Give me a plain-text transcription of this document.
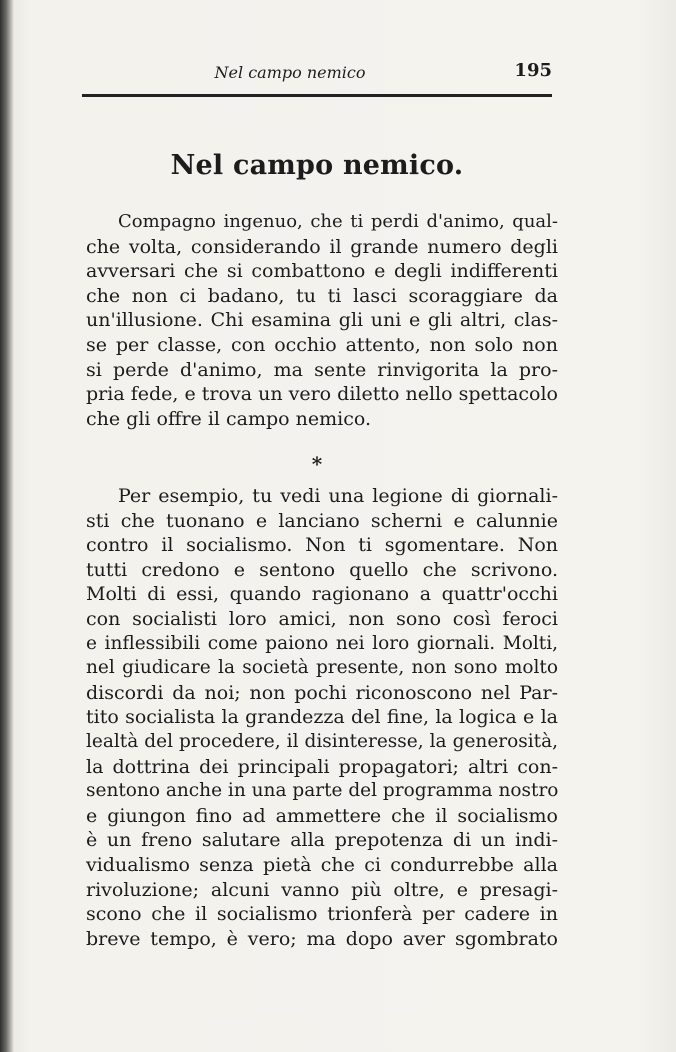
Nel campo nemico	195
Nel campo nemico.

Compagno ingenuo, che ti perdi d'animo, qual-
che volta, considerando il grande numero degli
avversari che si combattono e degli indifferenti
che non ci badano, tu ti lasci scoraggiare da
un'illusione. Chi esamina gli uni e gli altri, clas-
se per classe, con occhio attento, non solo non
si perde d'animo, ma sente rinvigorita la pro-
pria fede, e trova un vero diletto nello spettacolo
che gli offre il campo nemico.

*

Per esempio, tu vedi una legione di giornali-
sti che tuonano e lanciano scherni e calunnie
contro il socialismo. Non ti sgomentare. Non
tutti credono e sentono quello che scrivono.
Molti di essi, quando ragionano a quattr'occhi
con socialisti loro amici, non sono così feroci
e inflessibili come paiono nei loro giornali. Molti,
nel giudicare la società presente, non sono molto
discordi da noi; non pochi riconoscono nel Par-
tito socialista la grandezza del fine, la logica e la
lealtà del procedere, il disinteresse, la generosità,
la dottrina dei principali propagatori; altri con-
sentono anche in una parte del programma nostro
e giungon fino ad ammettere che il socialismo
è un freno salutare alla prepotenza di un indi-
vidualismo senza pietà che ci condurrebbe alla
rivoluzione; alcuni vanno più oltre, e presagi-
scono che il socialismo trionferà per cadere in
breve tempo, è vero; ma dopo aver sgombrato
